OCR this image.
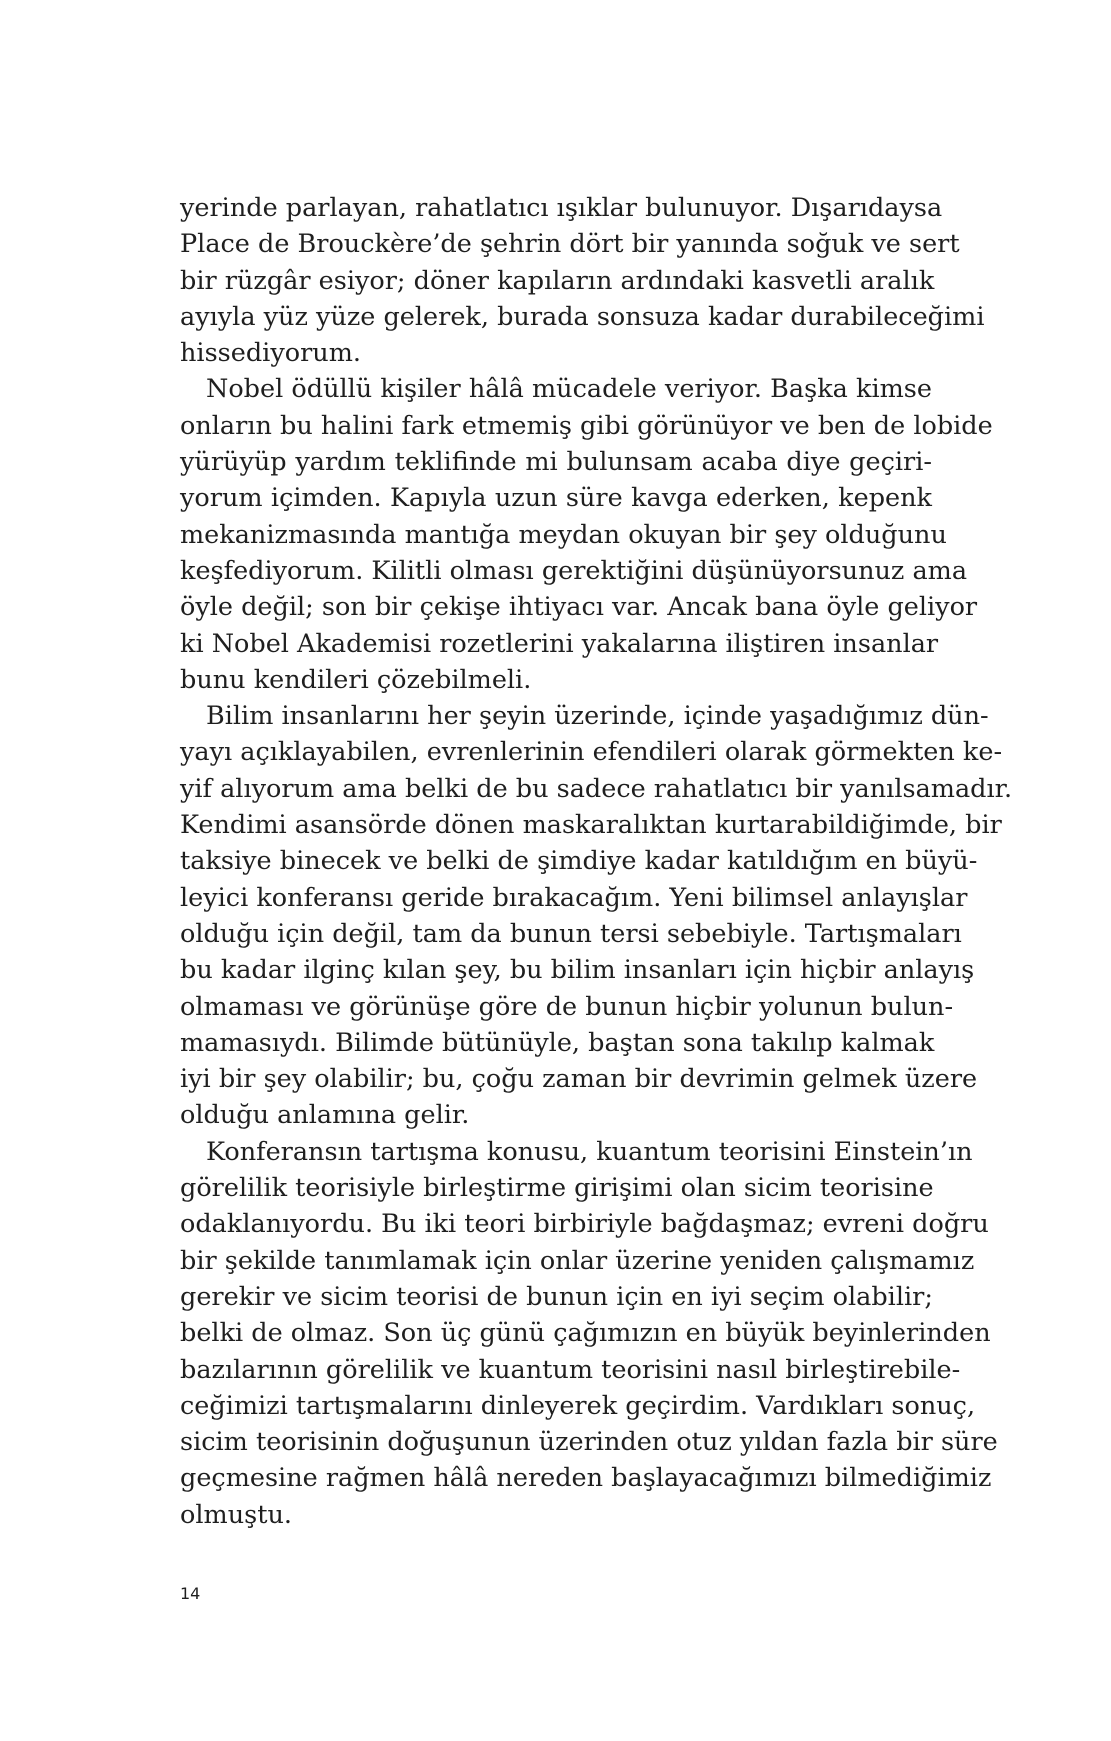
yerinde parlayan, rahatlatıcı ışıklar bulunuyor. Dışarıdaysa
Place de Brouckère’de şehrin dört bir yanında soğuk ve sert
bir rüzgâr esiyor; döner kapıların ardındaki kasvetli aralık
ayıyla yüz yüze gelerek, burada sonsuza kadar durabileceğimi
hissediyorum.
Nobel ödüllü kişiler hâlâ mücadele veriyor. Başka kimse
onların bu halini fark etmemiş gibi görünüyor ve ben de lobide
yürüyüp yardım teklifinde mi bulunsam acaba diye geçiri-
yorum içimden. Kapıyla uzun süre kavga ederken, kepenk
mekanizmasında mantığa meydan okuyan bir şey olduğunu
keşfediyorum. Kilitli olması gerektiğini düşünüyorsunuz ama
öyle değil; son bir çekişe ihtiyacı var. Ancak bana öyle geliyor
ki Nobel Akademisi rozetlerini yakalarına iliştiren insanlar
bunu kendileri çözebilmeli.
Bilim insanlarını her şeyin üzerinde, içinde yaşadığımız dün-
yayı açıklayabilen, evrenlerinin efendileri olarak görmekten ke-
yif alıyorum ama belki de bu sadece rahatlatıcı bir yanılsamadır.
Kendimi asansörde dönen maskaralıktan kurtarabildiğimde, bir
taksiye binecek ve belki de şimdiye kadar katıldığım en büyü-
leyici konferansı geride bırakacağım. Yeni bilimsel anlayışlar
olduğu için değil, tam da bunun tersi sebebiyle. Tartışmaları
bu kadar ilginç kılan şey, bu bilim insanları için hiçbir anlayış
olmaması ve görünüşe göre de bunun hiçbir yolunun bulun-
mamasıydı. Bilimde bütünüyle, baştan sona takılıp kalmak
iyi bir şey olabilir; bu, çoğu zaman bir devrimin gelmek üzere
olduğu anlamına gelir.
Konferansın tartışma konusu, kuantum teorisini Einstein’ın
görelilik teorisiyle birleştirme girişimi olan sicim teorisine
odaklanıyordu. Bu iki teori birbiriyle bağdaşmaz; evreni doğru
bir şekilde tanımlamak için onlar üzerine yeniden çalışmamız
gerekir ve sicim teorisi de bunun için en iyi seçim olabilir;
belki de olmaz. Son üç günü çağımızın en büyük beyinlerinden
bazılarının görelilik ve kuantum teorisini nasıl birleştirebile-
ceğimizi tartışmalarını dinleyerek geçirdim. Vardıkları sonuç,
sicim teorisinin doğuşunun üzerinden otuz yıldan fazla bir süre
geçmesine rağmen hâlâ nereden başlayacağımızı bilmediğimiz
olmuştu.
14
